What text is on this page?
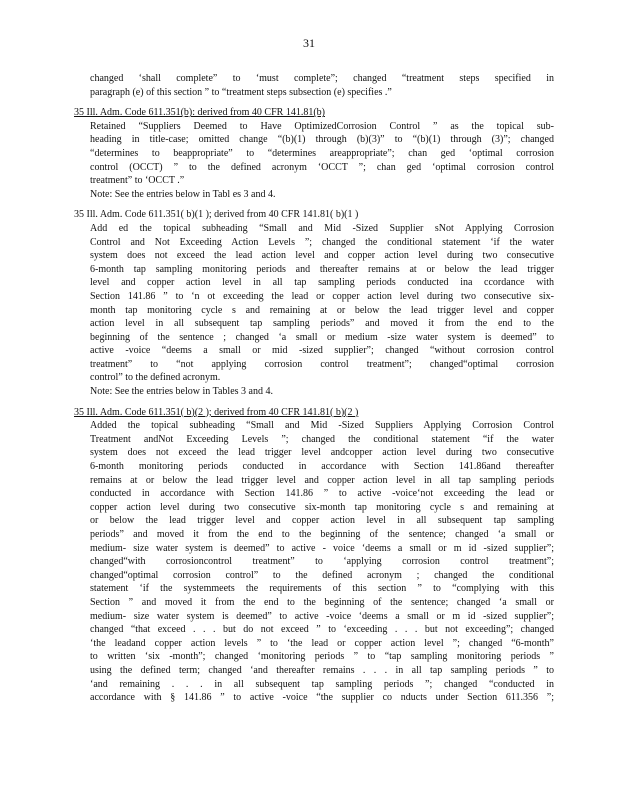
31
changed ‘shall complete” to ‘must complete”; changed “treatment steps specified in
paragraph (e) of this section ” to “treatment steps subsection (e) specifies .”
35 Ill. Adm. Code 611.351(b): derived from 40 CFR 141.81(b)
Retained “Suppliers Deemed to Have OptimizedCorrosion Control ” as the topical sub-
heading in title-case; omitted change “(b)(1) through (b)(3)” to “(b)(1) through (3)”; changed
“determines to beappropriate” to “determines areappropriate”; chan ged ‘optimal corrosion
control (OCCT) ” to the defined acronym ‘OCCT ”; chan ged ‘optimal corrosion control
treatment” to ‘OCCT .”
Note: See the entries below in Tabl es 3 and 4.
35 Ill. Adm. Code 611.351( b)(1 ); derived from 40 CFR 141.81( b)(1 )
Add ed the topical subheading “Small and Mid -Sized Supplier sNot Applying Corrosion
Control and Not Exceeding Action Levels ”; changed the conditional statement ‘if the water
system does not exceed the lead action level and copper action level during two consecutive
6-month tap sampling monitoring periods and thereafter remains at or below the lead trigger
level and copper action level in all tap sampling periods conducted ina ccordance with
Section 141.86 ” to ‘n ot exceeding the lead or copper action level during two consecutive six-
month tap monitoring cycle s and remaining at or below the lead trigger level and copper
action level in all subsequent tap sampling periods” and moved it from the end to the
beginning of the sentence ; changed ‘a small or medium -size water system is deemed” to
active -voice “deems a small or mid -sized supplier”; changed “without corrosion control
treatment” to “not applying corrosion control treatment”; changed“optimal corrosion
control” to the defined acronym.
Note: See the entries below in Tables 3 and 4.
35 Ill. Adm. Code 611.351( b)(2 ); derived from 40 CFR 141.81( b)(2 )
Added the topical subheading “Small and Mid -Sized Suppliers Applying Corrosion Control
Treatment andNot Exceeding Levels ”; changed the conditional statement “if the water
system does not exceed the lead trigger level andcopper action level during two consecutive
6-month monitoring periods conducted in accordance with Section 141.86and thereafter
remains at or below the lead trigger level and copper action level in all tap sampling periods
conducted in accordance with Section 141.86 ” to active -voice‘not exceeding the lead or
copper action level during two consecutive six-month tap monitoring cycle s and remaining at
or below the lead trigger level and copper action level in all subsequent tap sampling
periods” and moved it from the end to the beginning of the sentence; changed ‘a small or
medium- size water system is deemed” to active - voice ‘deems a small or m id -sized supplier”;
changed“with corrosioncontrol treatment” to ‘applying corrosion control treatment”;
changed“optimal corrosion control” to the defined acronym ; changed the conditional
statement ‘if the systemmeets the requirements of this section ” to “complying with this
Section ” and moved it from the end to the beginning of the sentence; changed ‘a small or
medium- size water system is deemed” to active -voice ‘deems a small or m id -sized supplier”;
changed “that exceed . . . but do not exceed ” to ‘exceeding . . . but not exceeding”; changed
‘the leadand copper action levels ” to ‘the lead or copper action level ”; changed “6-month”
to written ‘six -month”; changed ‘monitoring periods ” to “tap sampling monitoring periods ”
using the defined term; changed ‘and thereafter remains . . . in all tap sampling periods ” to
‘and remaining . . . in all subsequent tap sampling periods ”; changed “conducted in
accordance with § 141.86 ” to active -voice “the supplier co nducts under Section 611.356 ”;
